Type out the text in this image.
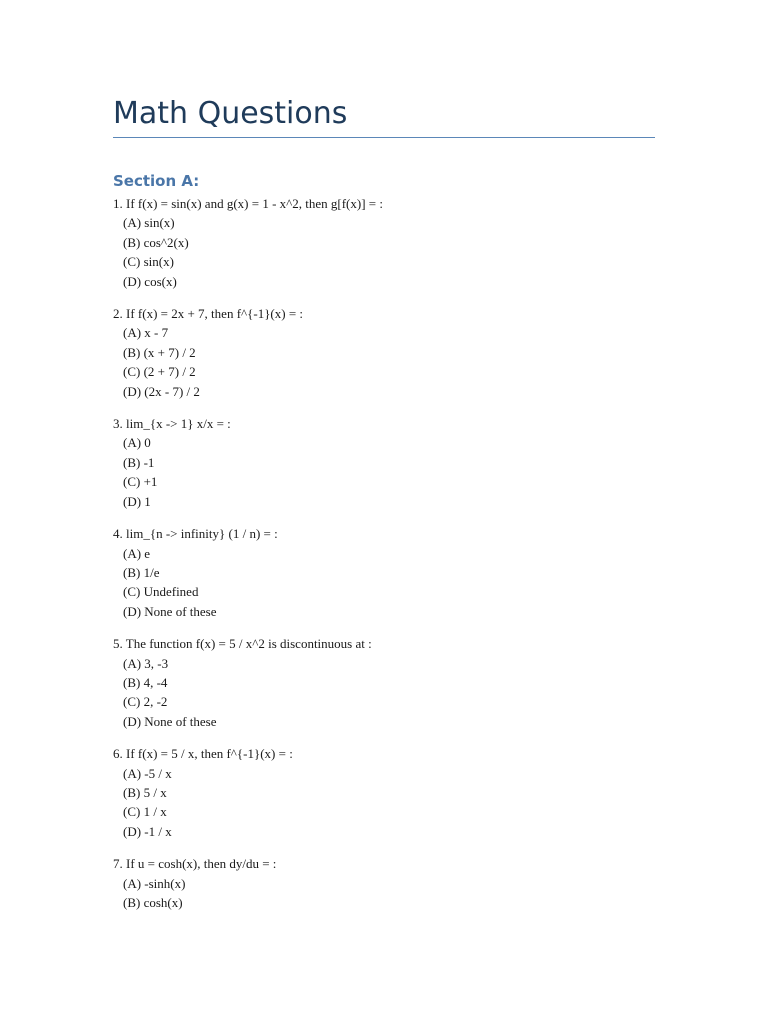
Math Questions
Section A:
1. If f(x) = sin(x) and g(x) = 1 - x^2, then g[f(x)] = :
(A) sin(x)
(B) cos^2(x)
(C) sin(x)
(D) cos(x)
2. If f(x) = 2x + 7, then f^{-1}(x) = :
(A) x - 7
(B) (x + 7) / 2
(C) (2 + 7) / 2
(D) (2x - 7) / 2
3. lim_{x -> 1} x/x = :
(A) 0
(B) -1
(C) +1
(D) 1
4. lim_{n -> infinity} (1 / n) = :
(A) e
(B) 1/e
(C) Undefined
(D) None of these
5. The function f(x) = 5 / x^2 is discontinuous at :
(A) 3, -3
(B) 4, -4
(C) 2, -2
(D) None of these
6. If f(x) = 5 / x, then f^{-1}(x) = :
(A) -5 / x
(B) 5 / x
(C) 1 / x
(D) -1 / x
7. If u = cosh(x), then dy/du = :
(A) -sinh(x)
(B) cosh(x)
